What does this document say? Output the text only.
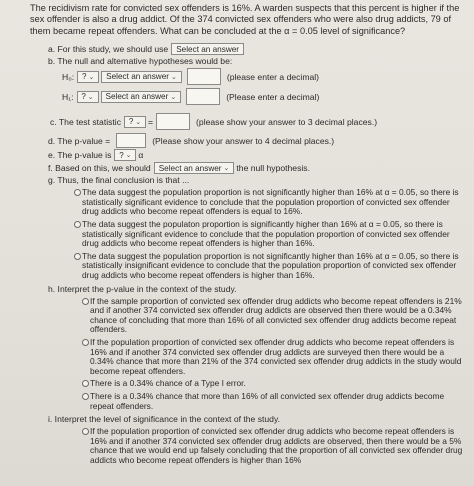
The recidivism rate for convicted sex offenders is 16%. A warden suspects that this percent is higher if the sex offender is also a drug addict. Of the 374 convicted sex offenders who were also drug addicts, 79 of them became repeat offenders. What can be concluded at the α = 0.05 level of significance?
a. For this study, we should use Select an answer
b. The null and alternative hypotheses would be:
H₀: ? ⌄ Select an answer ⌄	(please enter a decimal)
H₁: ? ⌄ Select an answer ⌄	(Please enter a decimal)
c. The test statistic ? ⌄ =	(please show your answer to 3 decimal places.)
d. The p-value =	(Please show your answer to 4 decimal places.)
e. The p-value is ? ⌄ α
f. Based on this, we should Select an answer ⌄ the null hypothesis.
g. Thus, the final conclusion is that ...
The data suggest the population proportion is not significantly higher than 16% at α = 0.05, so there is statistically significant evidence to conclude that the population proportion of convicted sex offender drug addicts who become repeat offenders is equal to 16%.
The data suggest the populaton proportion is significantly higher than 16% at α = 0.05, so there is statistically significant evidence to conclude that the population proportion of convicted sex offender drug addicts who become repeat offenders is higher than 16%.
The data suggest the population proportion is not significantly higher than 16% at α = 0.05, so there is statistically insignificant evidence to conclude that the population proportion of convicted sex offender drug addicts who become repeat offenders is higher than 16%.
h. Interpret the p-value in the context of the study.
If the sample proportion of convicted sex offender drug addicts who become repeat offenders is 21% and if another 374 convicted sex offender drug addicts are observed then there would be a 0.34% chance of concluding that more than 16% of all convicted sex offender drug addicts become repeat offenders.
If the population proportion of convicted sex offender drug addicts who become repeat offenders is 16% and if another 374 convicted sex offender drug addicts are surveyed then there would be a 0.34% chance that more than 21% of the 374 convicted sex offender drug addicts in the study would become repeat offenders.
There is a 0.34% chance of a Type I error.
There is a 0.34% chance that more than 16% of all convicted sex offender drug addicts become repeat offenders.
i. Interpret the level of significance in the context of the study.
If the population proportion of convicted sex offender drug addicts who become repeat offenders is 16% and if another 374 convicted sex offender drug addicts are observed, then there would be a 5% chance that we would end up falsely concluding that the proportion of all convicted sex offender drug addicts who become repeat offenders is higher than 16%
